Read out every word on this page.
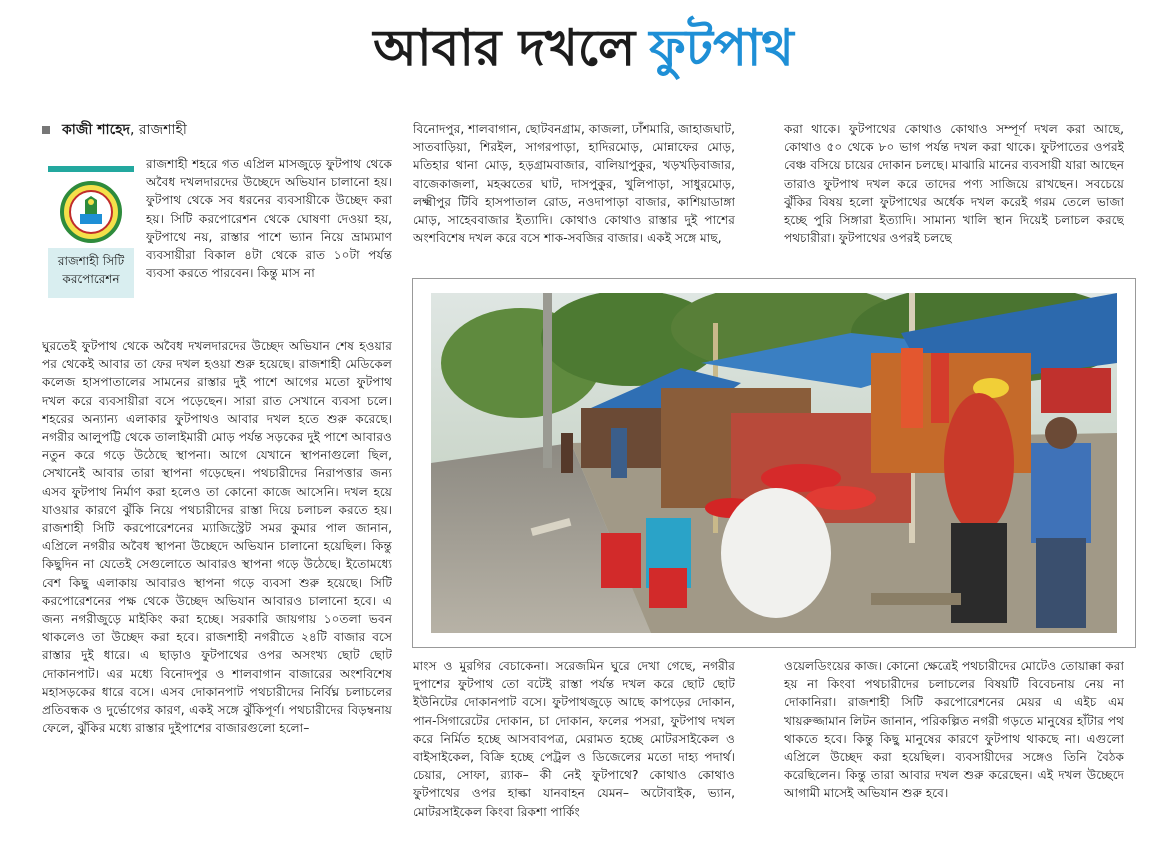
আবার দখলে ফুটপাথ
কাজী শাহেদ, রাজশাহী
রাজশাহী সিটি করপোরেশন

রাজশাহী শহরে গত এপ্রিল মাসজুড়ে ফুটপাথ থেকে অবৈধ দখলদারদের উচ্ছেদে অভিযান চালানো হয়। ফুটপাথ থেকে সব ধরনের ব্যবসায়ীকে উচ্ছেদ করা হয়। সিটি করপোরেশন থেকে ঘোষণা দেওয়া হয়, ফুটপাথে নয়, রাস্তার পাশে ভ্যান নিয়ে ভ্রাম্যমাণ ব্যবসায়ীরা বিকাল ৪টা থেকে রাত ১০টা পর্যন্ত ব্যবসা করতে পারবেন। কিন্তু মাস না

ঘুরতেই ফুটপাথ থেকে অবৈধ দখলদারদের উচ্ছেদ অভিযান শেষ হওয়ার পর থেকেই আবার তা ফের দখল হওয়া শুরু হয়েছে। রাজশাহী মেডিকেল কলেজ হাসপাতালের সামনের রাস্তার দুই পাশে আগের মতো ফুটপাথ দখল করে ব্যবসায়ীরা বসে পড়েছেন। সারা রাত সেখানে ব্যবসা চলে। শহরের অন্যান্য এলাকার ফুটপাথও আবার দখল হতে শুরু করেছে। নগরীর আলুপট্টি থেকে তালাইমারী মোড় পর্যন্ত সড়কের দুই পাশে আবারও নতুন করে গড়ে উঠেছে স্থাপনা। আগে যেখানে স্থাপনাগুলো ছিল, সেখানেই আবার তারা স্থাপনা গড়েছেন। পথচারীদের নিরাপত্তার জন্য এসব ফুটপাথ নির্মাণ করা হলেও তা কোনো কাজে আসেনি। দখল হয়ে যাওয়ার কারণে ঝুঁকি নিয়ে পথচারীদের রাস্তা দিয়ে চলাচল করতে হয়। রাজশাহী সিটি করপোরেশনের ম্যাজিস্ট্রেট সমর কুমার পাল জানান, এপ্রিলে নগরীর অবৈধ স্থাপনা উচ্ছেদে অভিযান চালানো হয়েছিল। কিন্তু কিছুদিন না যেতেই সেগুলোতে আবারও স্থাপনা গড়ে উঠেছে। ইতোমধ্যে বেশ কিছু এলাকায় আবারও স্থাপনা গড়ে ব্যবসা শুরু হয়েছে। সিটি করপোরেশনের পক্ষ থেকে উচ্ছেদ অভিযান আবারও চালানো হবে। এ জন্য নগরীজুড়ে মাইকিং করা হচ্ছে। সরকারি জায়গায় ১০তলা ভবন থাকলেও তা উচ্ছেদ করা হবে। রাজশাহী নগরীতে ২৪টি বাজার বসে রাস্তার দুই ধারে। এ ছাড়াও ফুটপাথের ওপর অসংখ্য ছোট ছোট দোকানপাট। এর মধ্যে বিনোদপুর ও শালবাগান বাজারের অংশবিশেষ মহাসড়কের ধারে বসে। এসব দোকানপাট পথচারীদের নির্বিঘ্ন চলাচলের প্রতিবন্ধক ও দুর্ভোগের কারণ, একই সঙ্গে ঝুঁকিপূর্ণ। পথচারীদের বিড়ম্বনায় ফেলে, ঝুঁকির মধ্যে রাস্তার দুইপাশের বাজারগুলো হলো–

বিনোদপুর, শালবাগান, ছোটবনগ্রাম, কাজলা, ঢাঁশমারি, জাহাজঘাট, সাতবাড়িয়া, শিরইল, সাগরপাড়া, হাদিরমোড়, মোন্নাফের মোড়, মতিহার থানা মোড়, হড়গ্রামবাজার, বালিয়াপুকুর, খড়খড়িবাজার, বাজেকাজলা, মহব্বতের ঘাট, দাসপুকুর, খুলিপাড়া, সাধুরমোড়, লক্ষ্মীপুর টিবি হাসপাতাল রোড, নওদাপাড়া বাজার, কাশিয়াডাঙ্গা মোড়, সাহেববাজার ইত্যাদি। কোথাও কোথাও রাস্তার দুই পাশের অংশবিশেষ দখল করে বসে শাক-সবজির বাজার। একই সঙ্গে মাছ,

করা থাকে। ফুটপাথের কোথাও কোথাও সম্পূর্ণ দখল করা আছে, কোথাও ৫০ থেকে ৮০ ভাগ পর্যন্ত দখল করা থাকে। ফুটপাতের ওপরই বেঞ্চ বসিয়ে চায়ের দোকান চলছে। মাঝারি মানের ব্যবসায়ী যারা আছেন তারাও ফুটপাথ দখল করে তাদের পণ্য সাজিয়ে রাখছেন। সবচেয়ে ঝুঁকির বিষয় হলো ফুটপাথের অর্ধেক দখল করেই গরম তেলে ভাজা হচ্ছে পুরি সিঙ্গারা ইত্যাদি। সামান্য খালি স্থান দিয়েই চলাচল করছে পথচারীরা। ফুটপাথের ওপরই চলছে

মাংস ও মুরগির বেচাকেনা। সরেজমিন ঘুরে দেখা গেছে, নগরীর দুপাশের ফুটপাথ তো বটেই রাস্তা পর্যন্ত দখল করে ছোট ছোট ইউনিটের দোকানপাট বসে। ফুটপাথজুড়ে আছে কাপড়ের দোকান, পান-সিগারেটের দোকান, চা দোকান, ফলের পসরা, ফুটপাথ দখল করে নির্মিত হচ্ছে আসবাবপত্র, মেরামত হচ্ছে মোটরসাইকেল ও বাইসাইকেল, বিক্রি হচ্ছে পেট্রল ও ডিজেলের মতো দাহ্য পদার্থ। চেয়ার, সোফা, র‍্যাক– কী নেই ফুটপাথে? কোথাও কোথাও ফুটপাথের ওপর হাল্কা যানবাহন যেমন– অটোবাইক, ভ্যান, মোটরসাইকেল কিংবা রিকশা পার্কিং

ওয়েলডিংয়ের কাজ। কোনো ক্ষেত্রেই পথচারীদের মোটেও তোয়াক্কা করা হয় না কিংবা পথচারীদের চলাচলের বিষয়টি বিবেচনায় নেয় না দোকানিরা। রাজশাহী সিটি করপোরেশনের মেয়র এ এইচ এম খায়রুজ্জামান লিটন জানান, পরিকল্পিত নগরী গড়তে মানুষের হাঁটার পথ থাকতে হবে। কিন্তু কিছু মানুষের কারণে ফুটপাথ থাকছে না। এগুলো এপ্রিলে উচ্ছেদ করা হয়েছিল। ব্যবসায়ীদের সঙ্গেও তিনি বৈঠক করেছিলেন। কিন্তু তারা আবার দখল শুরু করেছেন। এই দখল উচ্ছেদে আগামী মাসেই অভিযান শুরু হবে।
